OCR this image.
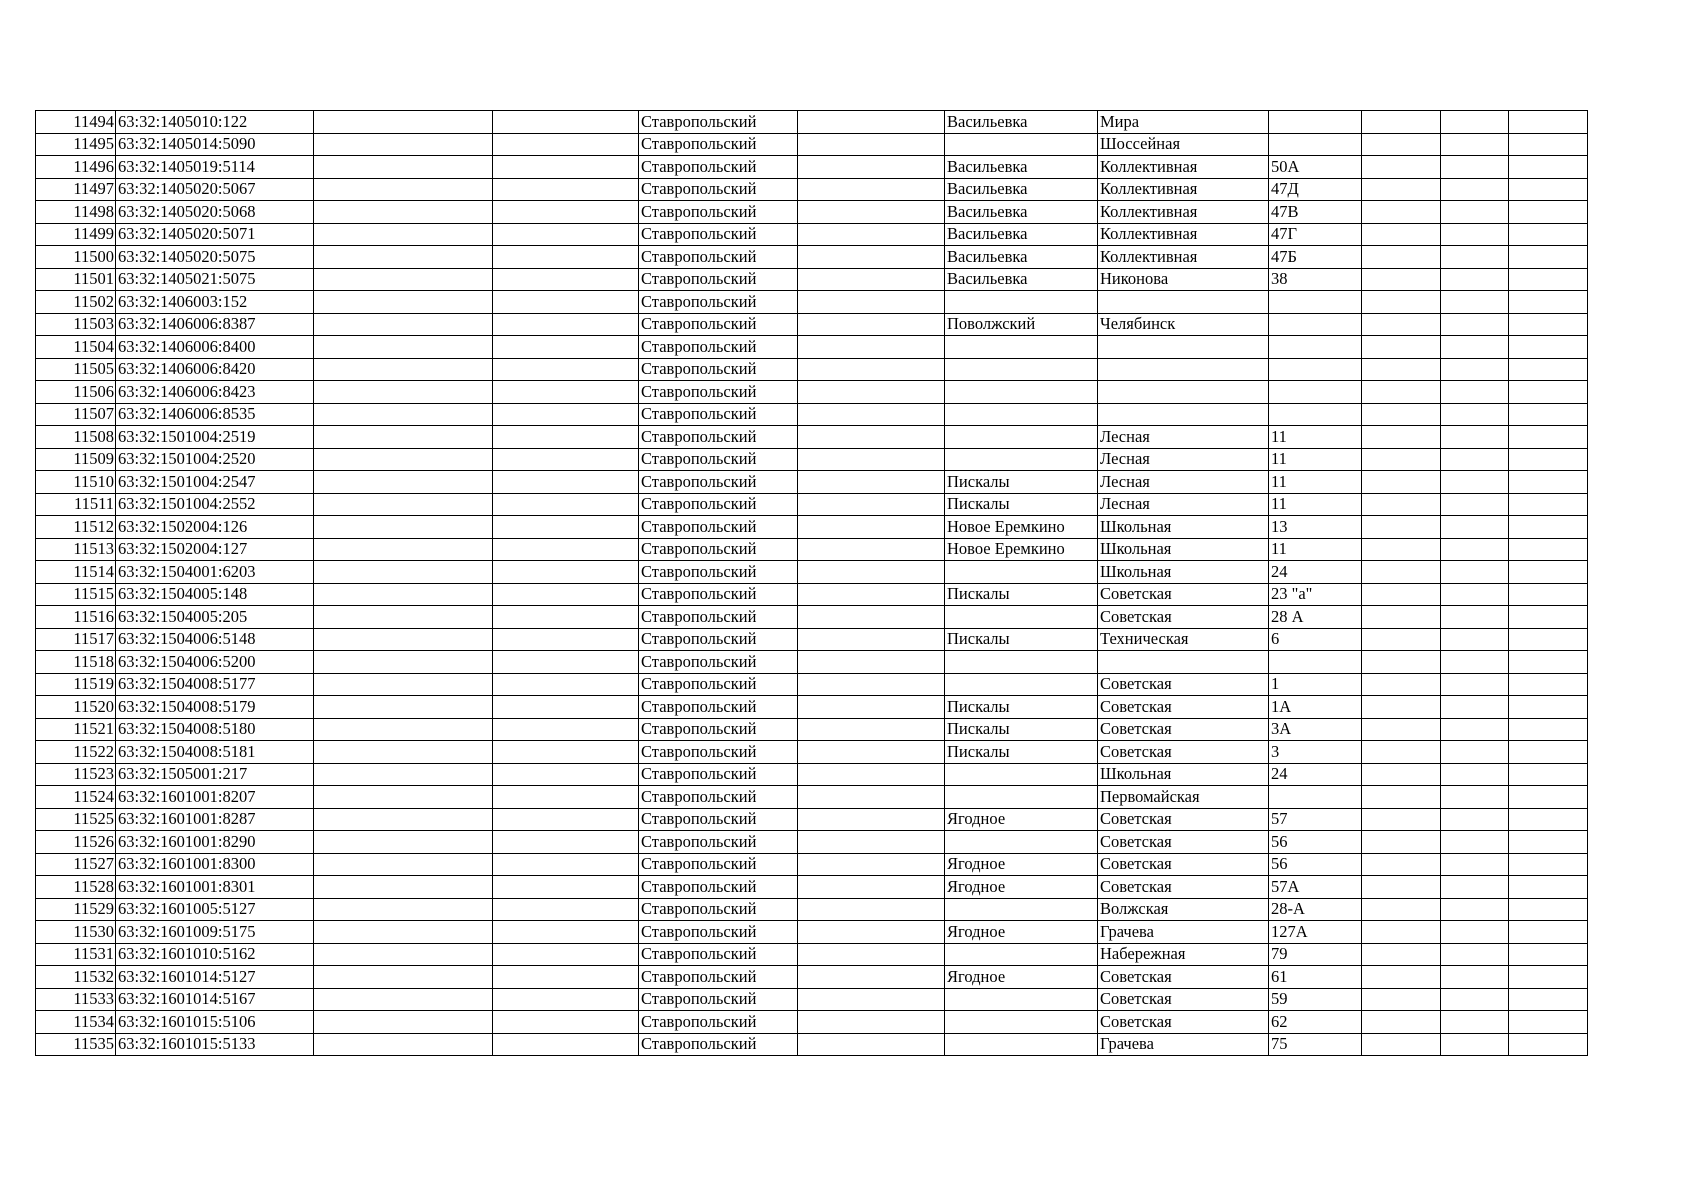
11494	63:32:1405010:122			Ставропольский		Васильевка	Мира				
11495	63:32:1405014:5090			Ставропольский			Шоссейная				
11496	63:32:1405019:5114			Ставропольский		Васильевка	Коллективная	50А			
11497	63:32:1405020:5067			Ставропольский		Васильевка	Коллективная	47Д			
11498	63:32:1405020:5068			Ставропольский		Васильевка	Коллективная	47В			
11499	63:32:1405020:5071			Ставропольский		Васильевка	Коллективная	47Г			
11500	63:32:1405020:5075			Ставропольский		Васильевка	Коллективная	47Б			
11501	63:32:1405021:5075			Ставропольский		Васильевка	Никонова	38			
11502	63:32:1406003:152			Ставропольский							
11503	63:32:1406006:8387			Ставропольский		Поволжский	Челябинск				
11504	63:32:1406006:8400			Ставропольский							
11505	63:32:1406006:8420			Ставропольский							
11506	63:32:1406006:8423			Ставропольский							
11507	63:32:1406006:8535			Ставропольский							
11508	63:32:1501004:2519			Ставропольский			Лесная	11			
11509	63:32:1501004:2520			Ставропольский			Лесная	11			
11510	63:32:1501004:2547			Ставропольский		Пискалы	Лесная	11			
11511	63:32:1501004:2552			Ставропольский		Пискалы	Лесная	11			
11512	63:32:1502004:126			Ставропольский		Новое Еремкино	Школьная	13			
11513	63:32:1502004:127			Ставропольский		Новое Еремкино	Школьная	11			
11514	63:32:1504001:6203			Ставропольский			Школьная	24			
11515	63:32:1504005:148			Ставропольский		Пискалы	Советская	23 "а"			
11516	63:32:1504005:205			Ставропольский			Советская	28 А			
11517	63:32:1504006:5148			Ставропольский		Пискалы	Техническая	6			
11518	63:32:1504006:5200			Ставропольский							
11519	63:32:1504008:5177			Ставропольский			Советская	1			
11520	63:32:1504008:5179			Ставропольский		Пискалы	Советская	1А			
11521	63:32:1504008:5180			Ставропольский		Пискалы	Советская	3А			
11522	63:32:1504008:5181			Ставропольский		Пискалы	Советская	3			
11523	63:32:1505001:217			Ставропольский			Школьная	24			
11524	63:32:1601001:8207			Ставропольский			Первомайская				
11525	63:32:1601001:8287			Ставропольский		Ягодное	Советская	57			
11526	63:32:1601001:8290			Ставропольский			Советская	56			
11527	63:32:1601001:8300			Ставропольский		Ягодное	Советская	56			
11528	63:32:1601001:8301			Ставропольский		Ягодное	Советская	57А			
11529	63:32:1601005:5127			Ставропольский			Волжская	28-А			
11530	63:32:1601009:5175			Ставропольский		Ягодное	Грачева	127А			
11531	63:32:1601010:5162			Ставропольский			Набережная	79			
11532	63:32:1601014:5127			Ставропольский		Ягодное	Советская	61			
11533	63:32:1601014:5167			Ставропольский			Советская	59			
11534	63:32:1601015:5106			Ставропольский			Советская	62			
11535	63:32:1601015:5133			Ставропольский			Грачева	75			
